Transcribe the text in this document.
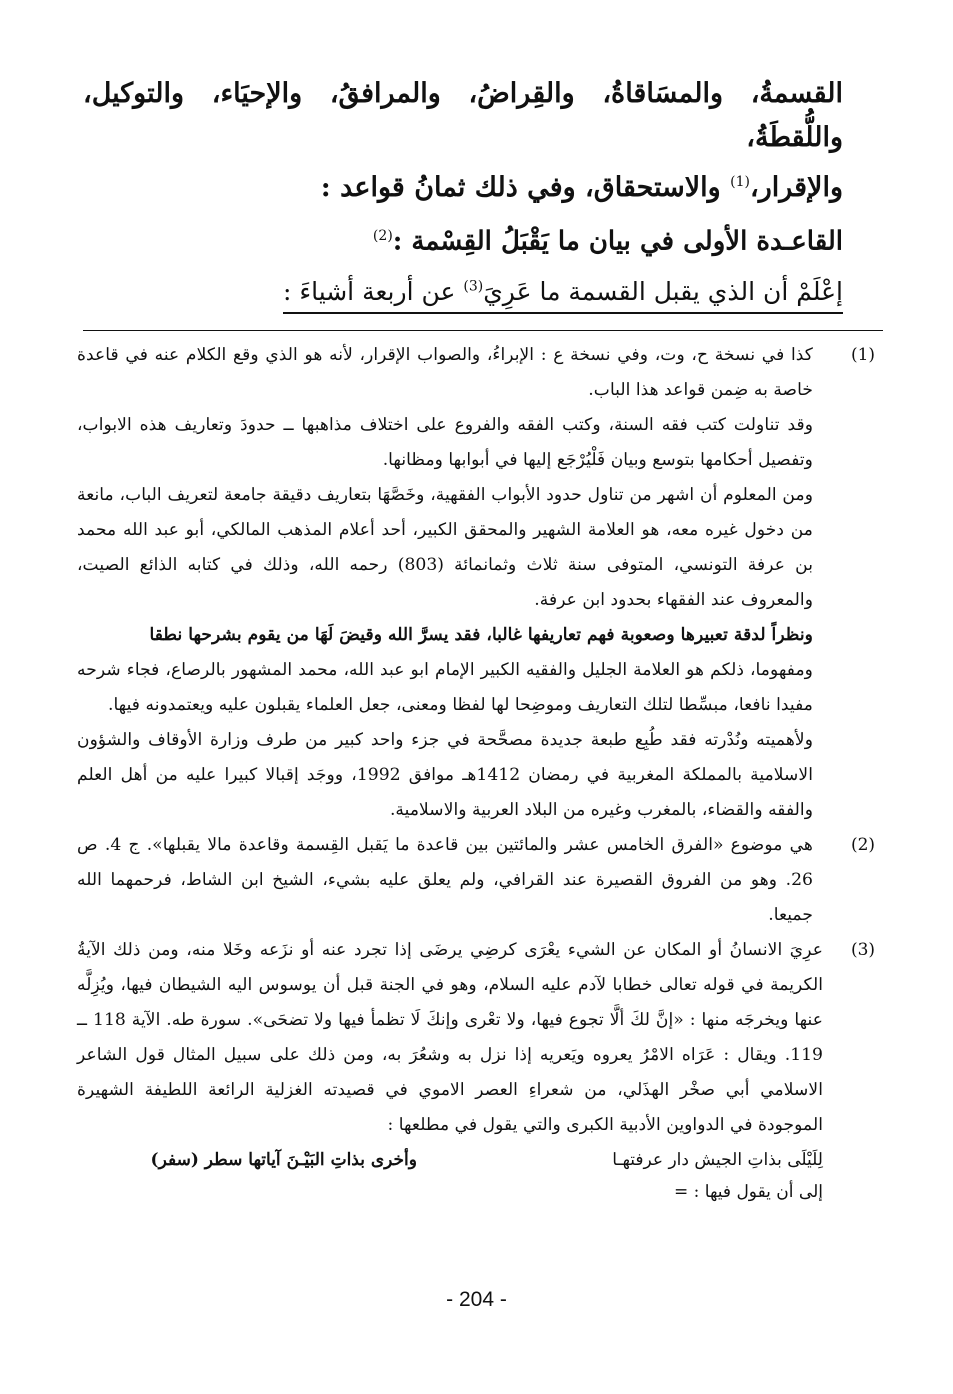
القسمةُ، والمسَاقاةُ، والقِراضُ، والمرافقُ، والإحيَاء، والتوكيل، واللُّقطَةُ،
والإقرار،$^{(1)}$ والاستحقاق، وفي ذلك ثمانُ قواعد :
القاعـدة الأولى في بيان ما يَقْبَلُ القِسْمة :$^{(2)}$
إعْلَمْ أن الذي يقبل القسمة ما عَرِيَ$^{(3)}$ عن أربعة أشياءَ :
(1)

كذا في نسخة ح، وت، وفي نسخة ع : الإبراءُ، والصواب الإقرار، لأنه هو الذي وقع الكلام عنه في قاعدة خاصة به ضِمن قواعد هذا الباب.

وقد تناولت كتب فقه السنة، وكتب الفقه والفروع على اختلاف مذاهبها ــ حدودَ وتعاريف هذه الابواب، وتفصيل أحكامها بتوسع وبيان فَلْيُرْجَع إليها في أبوابها ومظانها.

ومن المعلوم أن اشهر من تناول حدود الأبواب الفقهية، وخَصَّهَا بتعاريف دقيقة جامعة لتعريف الباب، مانعة من دخول غيره معه، هو العلامة الشهير والمحقق الكبير، أحد أعلام المذهب المالكي، أبو عبد الله محمد بن عرفة التونسي، المتوفى سنة ثلاث وثمانمائة (803) رحمه الله، وذلك في كتابه الذائع الصيت، والمعروف عند الفقهاء بحدود ابن عرفة.

ونظراً لدقة تعبيرها وصعوبة فهم تعاريفها غالبا، فقد يسرَّ الله وقيضَ لَهَا من يقوم بشرحها نطقا

ومفهوما، ذلكم هو العلامة الجليل والفقيه الكبير الإمام ابو عبد الله، محمد المشهور بالرصاع، فجاء شرحه مفيدا نافعا، مبسِّطا لتلك التعاريف وموضِحا لها لفظا ومعنى، جعل العلماء يقبلون عليه ويعتمدونه فيها.

ولأهميته ونُدْرته فقد طُبِع طبعة جديدة مصحَّحة في جزء واحد كبير من طرف وزارة الأوقاف والشؤون الاسلامية بالمملكة المغربية في رمضان 1412هـ موافق 1992، ووجَد إقبالا كبيرا عليه من أهل العلم والفقه والقضاء، بالمغرب وغيره من البلاد العربية والاسلامية.

(2)

هي موضوع «الفرق الخامس عشر والمائتين بين قاعدة ما يَقبل القِسمة وقاعدة مالا يقبلها». ج 4. ص 26. وهو من الفروق القصيرة عند القرافي، ولم يعلق عليه بشيء، الشيخ ابن الشاط، فرحمهما الله جميعا.

(3)

عرِيَ الانسانُ أو المكان عن الشيء يعْرَى كرضِي يرضَى إذا تجرد عنه أو نزَعه وخَلا منه، ومن ذلك الآيةُ الكريمة في قوله تعالى خطابا لآدم عليه السلام، وهو في الجنة قبل أن يوسوس اليه الشيطان فيها، ويُزِلَّه عنها ويخرجَه منها : «إنَّ لكَ ألَّا تجوع فيها، ولا تعْرى وإنكَ لَا تظمأ فيها ولا تضحَى». سورة طه. الآية 118 ــ 119. ويقال : عَرَاه الامْرُ يعروه ويَعريه إذا نزل به وشعُرَ به، ومن ذلك على سبيل المثال قول الشاعر الاسلامي أبي صخْر الهذَلي، من شعراءِ العصر الاموي في قصيدته الغزلية الرائعة اللطيفة الشهيرة الموجودة في الدواوين الأدبية الكبرى والتي يقول في مطلعها :

لِلَيْلَى بذاتِ الجيش دار عرفتهـا
وأخرى بذاتِ البَيْـنَ آياتها سطر (سفر)
إلى أن يقول فيها : =
- 204 -
